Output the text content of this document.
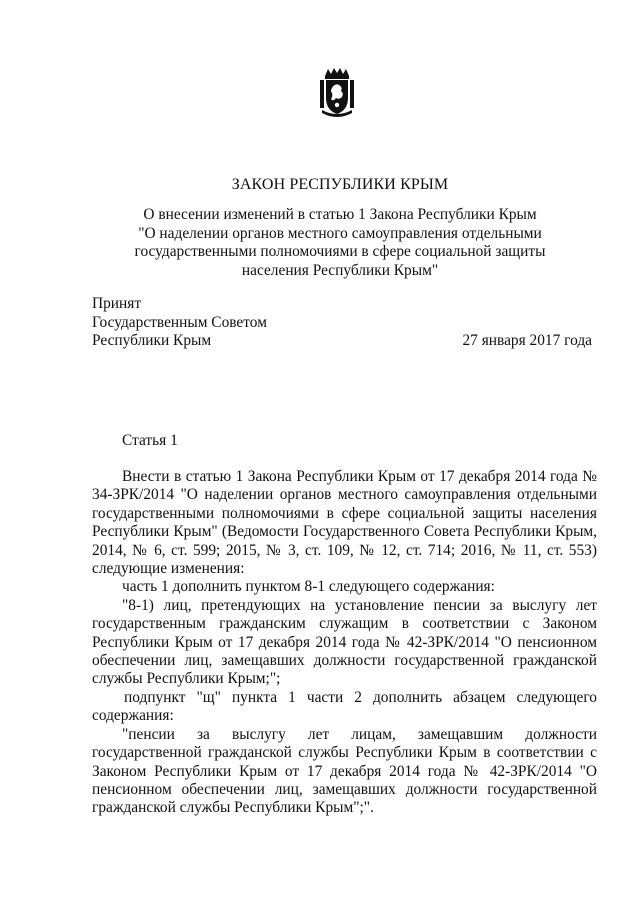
ЗАКОН РЕСПУБЛИКИ КРЫМ
О внесении изменений в статью 1 Закона Республики Крым
"О наделении органов местного самоуправления отдельными
государственными полномочиями в сфере социальной защиты
населения Республики Крым"
Принят
Государственным Советом
Республики Крым	27 января 2017 года
Статья 1

Внести в статью 1 Закона Республики Крым от 17 декабря 2014 года № 34-ЗРК/2014 "О наделении органов местного самоуправления отдельными государственными полномочиями в сфере социальной защиты населения Республики Крым" (Ведомости Государственного Совета Республики Крым, 2014, № 6, ст. 599; 2015, № 3, ст. 109, № 12, ст. 714; 2016, № 11, ст. 553) следующие изменения:

часть 1 дополнить пунктом 8-1 следующего содержания:

"8-1) лиц, претендующих на установление пенсии за выслугу лет государственным гражданским служащим в соответствии с Законом Республики Крым от 17 декабря 2014 года № 42-ЗРК/2014 "О пенсионном обеспечении лиц, замещавших должности государственной гражданской службы Республики Крым;";

подпункт "щ" пункта 1 части 2 дополнить абзацем следующего содержания:

"пенсии за выслугу лет лицам, замещавшим должности государственной гражданской службы Республики Крым в соответствии с Законом Республики Крым от 17 декабря 2014 года № 42-ЗРК/2014 "О пенсионном обеспечении лиц, замещавших должности государственной гражданской службы Республики Крым";".
